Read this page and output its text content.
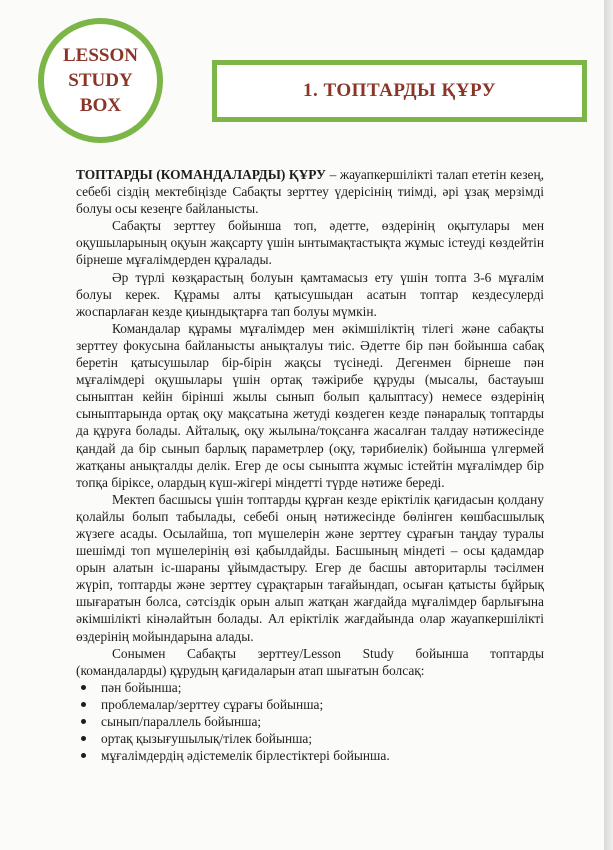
LESSON
STUDY
BOX
1. ТОПТАРДЫ ҚҰРУ

ТОПТАРДЫ (КОМАНДАЛАРДЫ) ҚҰРУ – жауапкершілікті талап ететін кезең, себебі сіздің мектебіңізде Сабақты зерттеу үдерісінің тиімді, әрі ұзақ мерзімді болуы осы кезеңге байланысты.

Сабақты зерттеу бойынша топ, әдетте, өздерінің оқытулары мен оқушыларының оқуын жақсарту үшін ынтымақтастықта жұмыс істеуді көздейтін бірнеше мұғалімдерден құралады.

Әр түрлі көзқарастың болуын қамтамасыз ету үшін топта 3-6 мұғалім болуы керек. Құрамы алты қатысушыдан асатын топтар кездесулерді жоспарлаған кезде қиындықтарға тап болуы мүмкін.

Командалар құрамы мұғалімдер мен әкімшіліктің тілегі және сабақты зерттеу фокусына байланысты анықталуы тиіс. Әдетте бір пән бойынша сабақ беретін қатысушылар бір-бірін жақсы түсінеді. Дегенмен бірнеше пән мұғалімдері оқушылары үшін ортақ тәжірибе құруды (мысалы, бастауыш сыныптан кейін бірінші жылы сынып болып қалыптасу) немесе өздерінің сыныптарында ортақ оқу мақсатына жетуді көздеген кезде пәнаралық топтарды да құруға болады. Айталық, оқу жылына/тоқсанға жасалған талдау нәтижесінде қандай да бір сынып барлық параметрлер (оқу, тәрибиелік) бойынша үлгермей жатқаны анықталды делік. Егер де осы сыныпта жұмыс істейтін мұғалімдер бір топқа біріксе, олардың күш-жігері міндетті түрде нәтиже береді.

Мектеп басшысы үшін топтарды құрған кезде еріктілік қағидасын қолдану қолайлы болып табылады, себебі оның нәтижесінде бөлінген көшбасшылық жүзеге асады. Осылайша, топ мүшелерін және зерттеу сұрағын таңдау туралы шешімді топ мүшелерінің өзі қабылдайды. Басшының міндеті – осы қадамдар орын алатын іс-шараны ұйымдастыру. Егер де басшы авторитарлы тәсілмен жүріп, топтарды және зерттеу сұрақтарын тағайындап, осыған қатысты бұйрық шығаратын болса, сәтсіздік орын алып жатқан жағдайда мұғалімдер барлығына әкімшілікті кінәлайтын болады. Ал еріктілік жағдайында олар жауапкершілікті өздерінің мойындарына алады.

Сонымен Сабақты зерттеу/Lesson Study бойынша топтарды (командаларды) құрудың қағидаларын атап шығатын болсақ:

пән бойынша;
проблемалар/зерттеу сұрағы бойынша;
сынып/параллель бойынша;
ортақ қызығушылық/тілек бойынша;
мұғалімдердің әдістемелік бірлестіктері бойынша.
